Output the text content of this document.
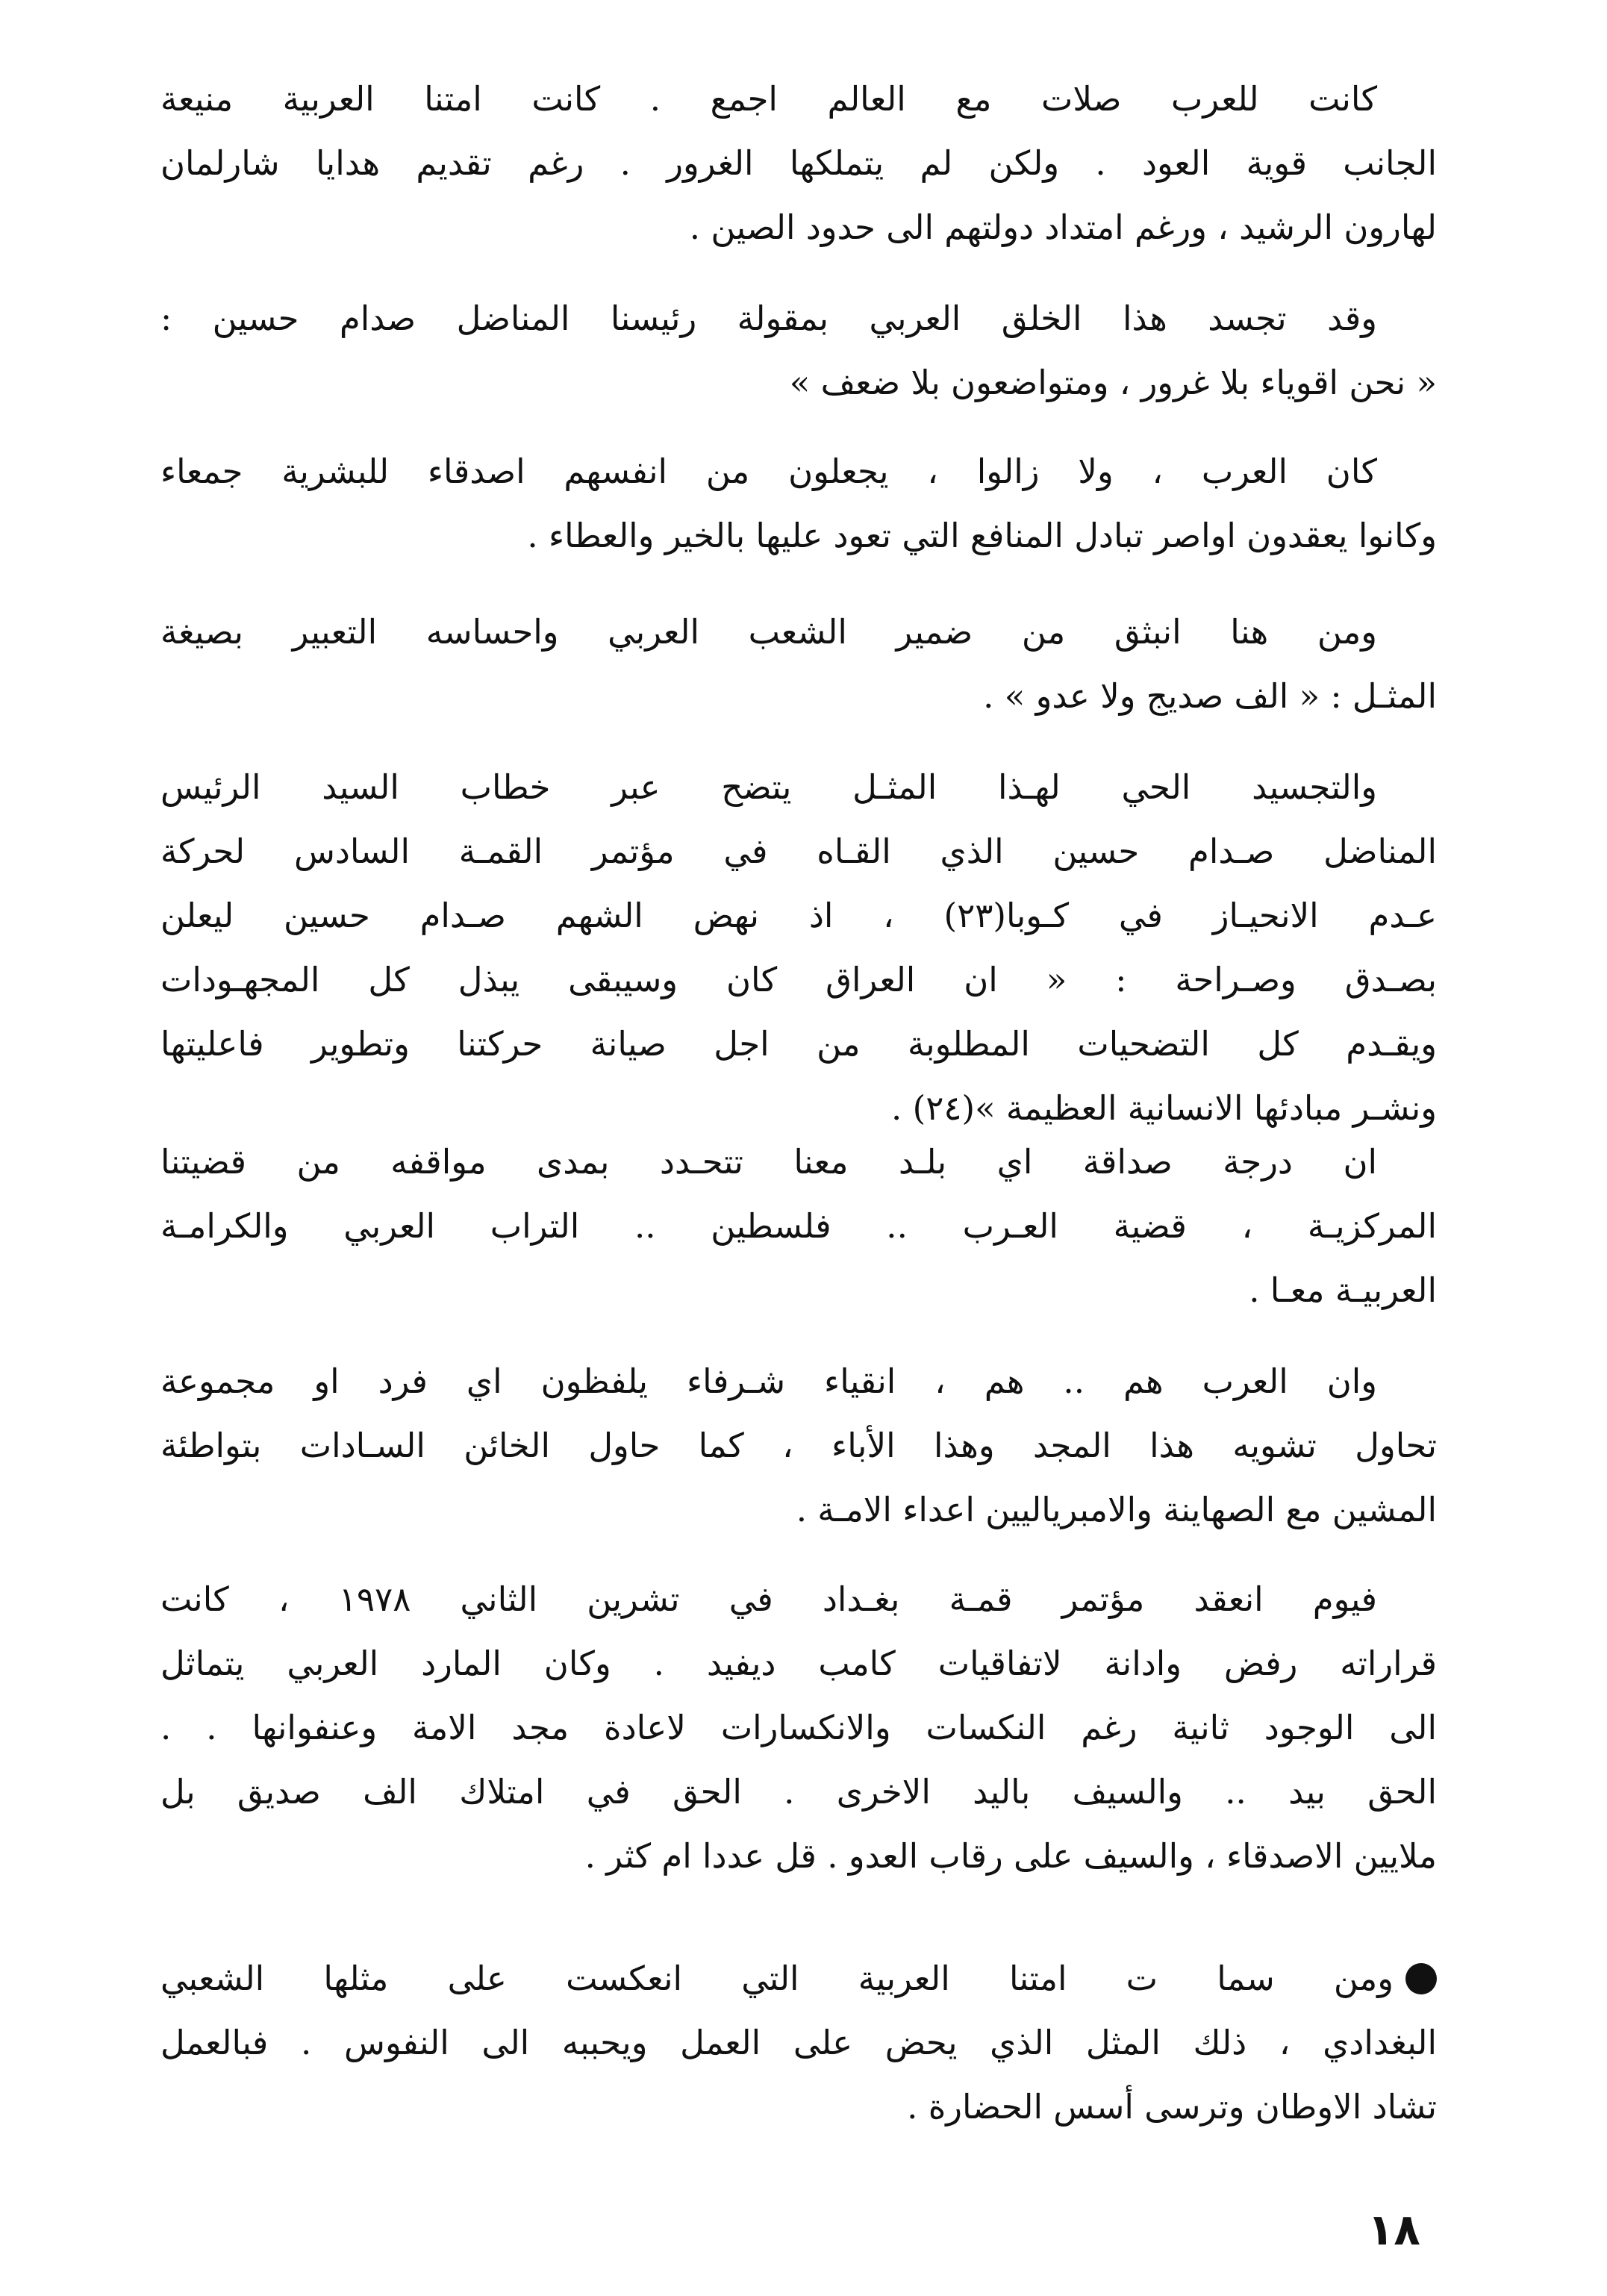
كانت للعرب صلات مع العالم اجمع . كانت امتنا العربية منيعة
الجانب قوية العود . ولكن لم يتملكها الغرور . رغم تقديم هدايا شارلمان
لهارون الرشيد ، ورغم امتداد دولتهم الى حدود الصين .
وقد تجسد هذا الخلق العربي بمقولة رئيسنا المناضل صدام حسين :
« نحن اقوياء بلا غرور ، ومتواضعون بلا ضعف »
كان العرب ، ولا زالوا ، يجعلون من انفسهم اصدقاء للبشرية جمعاء
وكانوا يعقدون اواصر تبادل المنافع التي تعود عليها بالخير والعطاء .
ومن هنا انبثق من ضمير الشعب العربي واحساسه التعبير بصيغة
المثـل : « الف صديج ولا عدو » .
والتجسيد الحي لهـذا المثـل يتضح عبر خطاب السيد الرئيس
المناضل صـدام حسين الذي القـاه في مؤتمر القمـة السادس لحركة
عـدم الانحيـاز في كـوبا(٢٣) ، اذ نهض الشهم صـدام حسين ليعلن
بصـدق وصـراحة : « ان العراق كان وسيبقى يبذل كل المجهـودات
ويقـدم كل التضحيات المطلوبة من اجل صيانة حركتنا وتطوير فاعليتها
ونشـر مبادئها الانسانية العظيمة »(٢٤) .
ان درجة صداقة اي بلـد معنا تتحـدد بمدى مواقفه من قضيتنا
المركزيـة ، قضية العـرب .. فلسطين .. التراب العربي والكرامـة
العربيـة معـا .
وان العرب هم .. هم ، انقياء شـرفاء يلفظون اي فرد او مجموعة
تحاول تشويه هذا المجد وهذا الأباء ، كما حاول الخائن السـادات بتواطئة
المشين مع الصهاينة والامبرياليين اعداء الامـة .
فيوم انعقد مؤتمر قمـة بغـداد في تشرين الثاني ١٩٧٨ ، كانت
قراراته رفض وادانة لاتفاقيات كامب ديفيد . وكان المارد العربي يتماثل
الى الوجود ثانية رغم النكسات والانكسارات لاعادة مجد الامة وعنفوانها . .
الحق بيد .. والسيف باليد الاخرى . الحق في امتلاك الف صديق بل
ملايين الاصدقاء ، والسيف على رقاب العدو . قل عددا ام كثر .
ومن سما ت امتنا العربية التي انعكست على مثلها الشعبي
البغدادي ، ذلك المثل الذي يحض على العمل ويحببه الى النفوس . فبالعمل
تشاد الاوطان وترسى أسس الحضارة .
١٨
